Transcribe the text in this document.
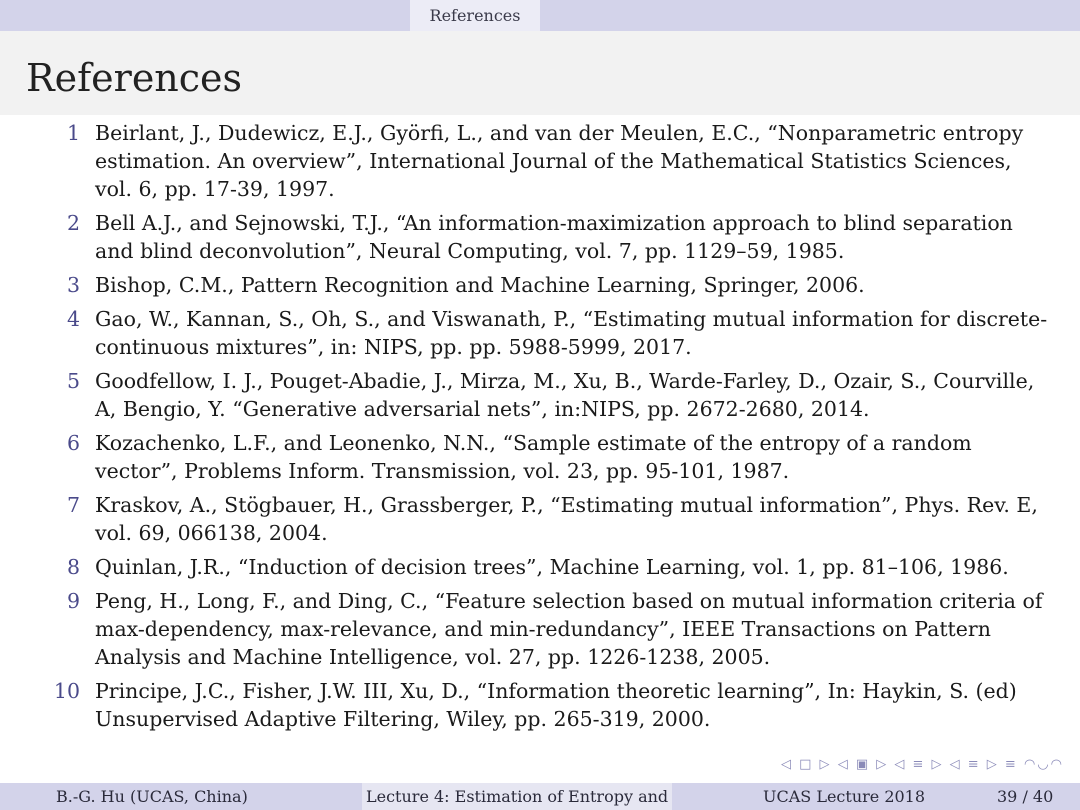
References
References
1 Beirlant, J., Dudewicz, E.J., Györfi, L., and van der Meulen, E.C., “Nonparametric entropy estimation. An overview”, International Journal of the Mathematical Statistics Sciences, vol. 6, pp. 17-39, 1997.
2 Bell A.J., and Sejnowski, T.J., “An information-maximization approach to blind separation and blind deconvolution”, Neural Computing, vol. 7, pp. 1129–59, 1985.
3 Bishop, C.M., Pattern Recognition and Machine Learning, Springer, 2006.
4 Gao, W., Kannan, S., Oh, S., and Viswanath, P., “Estimating mutual information for discrete-continuous mixtures”, in: NIPS, pp. pp. 5988-5999, 2017.
5 Goodfellow, I. J., Pouget-Abadie, J., Mirza, M., Xu, B., Warde-Farley, D., Ozair, S., Courville, A, Bengio, Y. “Generative adversarial nets”, in:NIPS, pp. 2672-2680, 2014.
6 Kozachenko, L.F., and Leonenko, N.N., “Sample estimate of the entropy of a random vector”, Problems Inform. Transmission, vol. 23, pp. 95-101, 1987.
7 Kraskov, A., Stögbauer, H., Grassberger, P., “Estimating mutual information”, Phys. Rev. E, vol. 69, 066138, 2004.
8 Quinlan, J.R., “Induction of decision trees”, Machine Learning, vol. 1, pp. 81–106, 1986.
9 Peng, H., Long, F., and Ding, C., “Feature selection based on mutual information criteria of max-dependency, max-relevance, and min-redundancy”, IEEE Transactions on Pattern Analysis and Machine Intelligence, vol. 27, pp. 1226-1238, 2005.
10 Principe, J.C., Fisher, J.W. III, Xu, D., “Information theoretic learning”, In: Haykin, S. (ed) Unsupervised Adaptive Filtering, Wiley, pp. 265-319, 2000.
◁ □ ▷ ◁ ▣ ▷ ◁ ≡ ▷ ◁ ≡ ▷ ≡ ◠◡◠
B.-G. Hu (UCAS, China)	Lecture 4: Estimation of Entropy and	UCAS Lecture 2018	39 / 40
